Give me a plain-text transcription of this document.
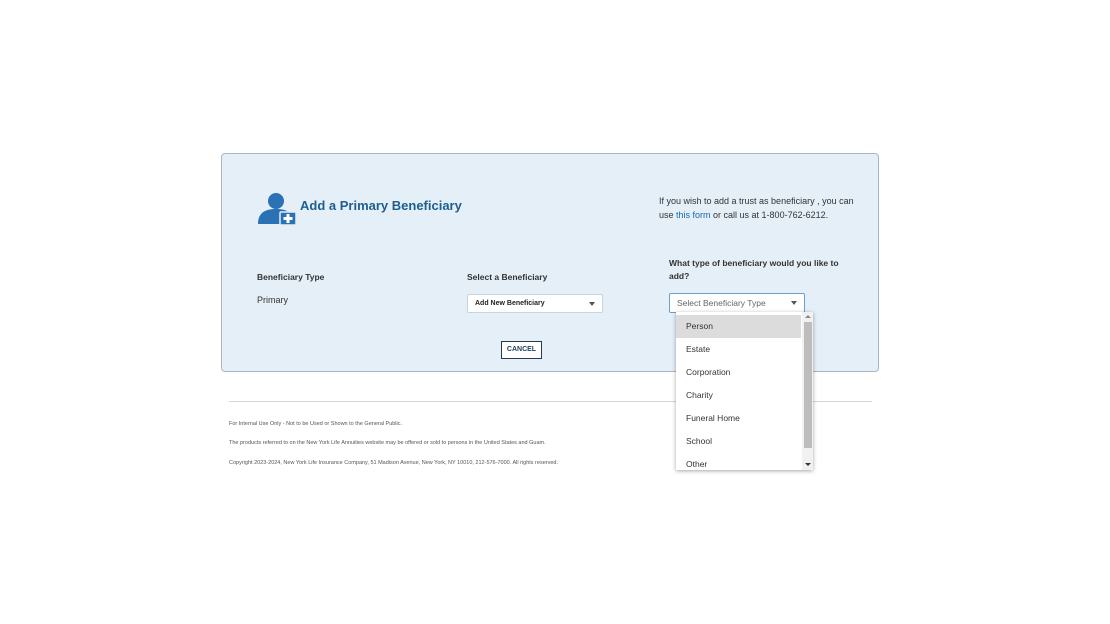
Add a Primary Beneficiary	If you wish to add a trust as beneficiary , you can use this form or call us at 1-800-762-6212.
Beneficiary Type	Select a Beneficiary
What type of beneficiary would you like to add?
Primary	Add New Beneficiary	Select Beneficiary Type
CANCEL
For Internal Use Only - Not to be Used or Shown to the General Public.
The products referred to on the New York Life Annuities website may be offered or sold to persons in the United States and Guam.
Copyright 2023-2024, New York Life Insurance Company, 51 Madison Avenue, New York, NY 10010, 212-576-7000. All rights reserved.
Person
Estate
Corporation
Charity
Funeral Home
School
Other
